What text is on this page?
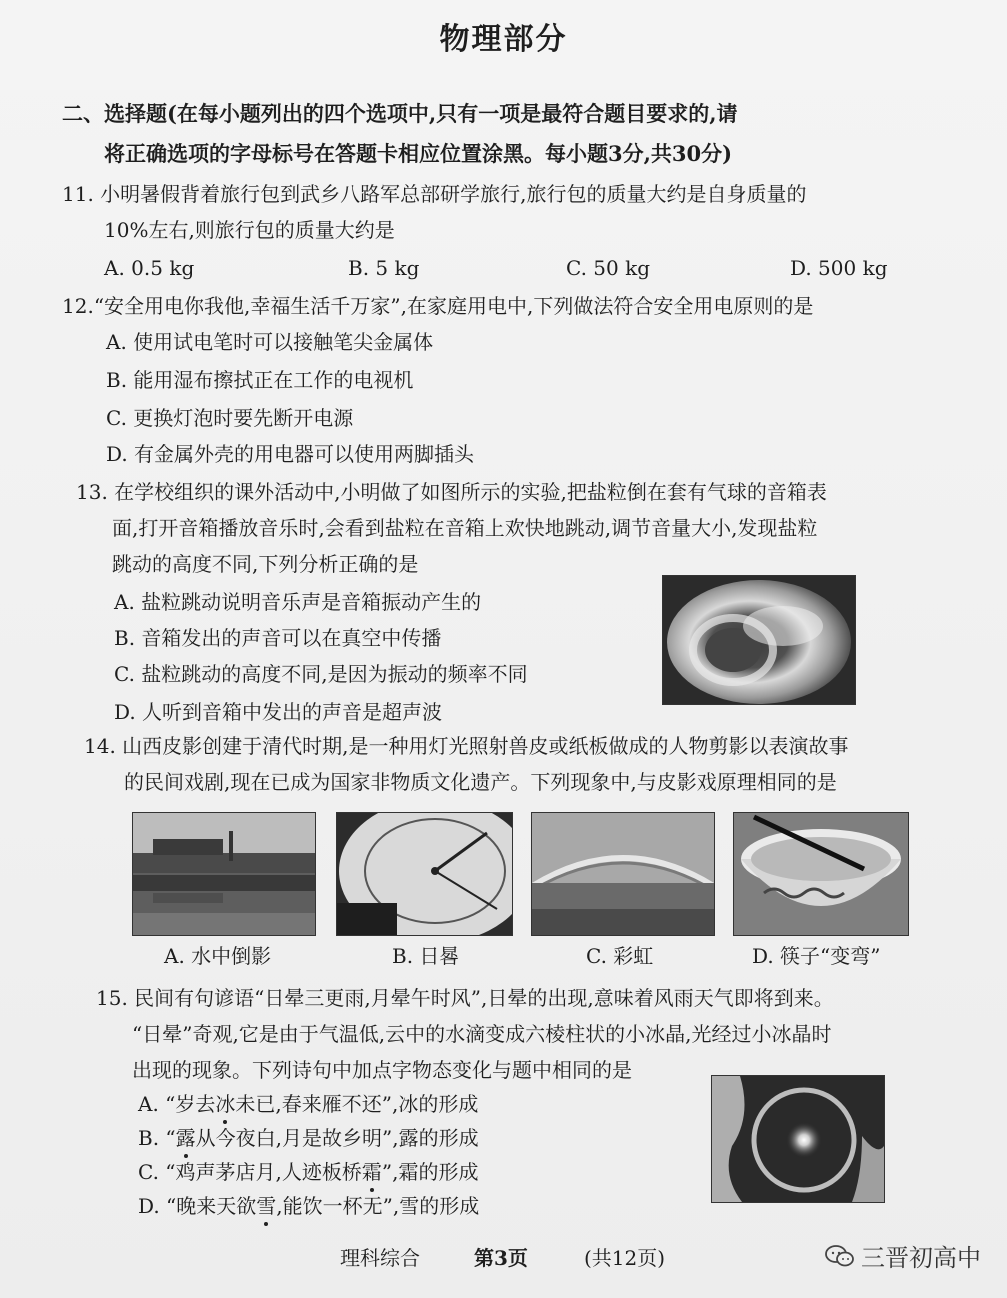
物理部分
二、选择题(在每小题列出的四个选项中,只有一项是最符合题目要求的,请
将正确选项的字母标号在答题卡相应位置涂黑。每小题3分,共30分)
11. 小明暑假背着旅行包到武乡八路军总部研学旅行,旅行包的质量大约是自身质量的
10%左右,则旅行包的质量大约是
A. 0.5 kg	B. 5 kg	C. 50 kg	D. 500 kg
12.“安全用电你我他,幸福生活千万家”,在家庭用电中,下列做法符合安全用电原则的是
A. 使用试电笔时可以接触笔尖金属体
B. 能用湿布擦拭正在工作的电视机
C. 更换灯泡时要先断开电源
D. 有金属外壳的用电器可以使用两脚插头
13. 在学校组织的课外活动中,小明做了如图所示的实验,把盐粒倒在套有气球的音箱表
面,打开音箱播放音乐时,会看到盐粒在音箱上欢快地跳动,调节音量大小,发现盐粒
跳动的高度不同,下列分析正确的是
A. 盐粒跳动说明音乐声是音箱振动产生的
B. 音箱发出的声音可以在真空中传播
C. 盐粒跳动的高度不同,是因为振动的频率不同
D. 人听到音箱中发出的声音是超声波
14. 山西皮影创建于清代时期,是一种用灯光照射兽皮或纸板做成的人物剪影以表演故事
的民间戏剧,现在已成为国家非物质文化遗产。下列现象中,与皮影戏原理相同的是
A. 水中倒影	B. 日晷	C. 彩虹	D. 筷子“变弯”
15. 民间有句谚语“日晕三更雨,月晕午时风”,日晕的出现,意味着风雨天气即将到来。
“日晕”奇观,它是由于气温低,云中的水滴变成六棱柱状的小冰晶,光经过小冰晶时
出现的现象。下列诗句中加点字物态变化与题中相同的是
A. “岁去冰未已,春来雁不还”,冰的形成
B. “露从今夜白,月是故乡明”,露的形成
C. “鸡声茅店月,人迹板桥霜”,霜的形成
D. “晚来天欲雪,能饮一杯无”,雪的形成
理科综合	第3页	(共12页)	三晋初高中
